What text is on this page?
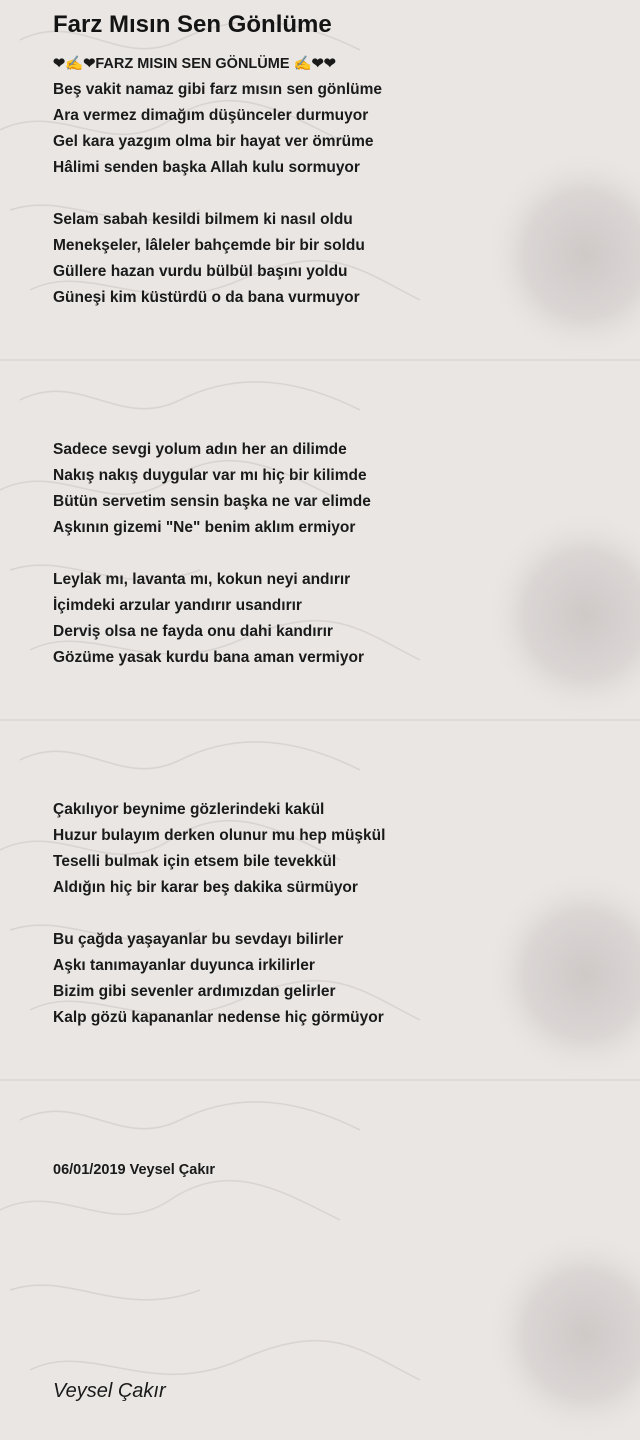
Farz Mısın Sen Gönlüme
❤✍️❤FARZ MISIN SEN GÖNLÜME ✍️❤❤
Beş vakit namaz gibi farz mısın sen gönlüme
Ara vermez dimağım düşünceler durmuyor
Gel kara yazgım olma bir hayat ver ömrüme
Hâlimi senden başka Allah kulu sormuyor
Selam sabah kesildi bilmem ki nasıl oldu
Menekşeler, lâleler bahçemde bir bir soldu
Güllere hazan vurdu bülbül başını yoldu
Güneşi kim küstürdü o da bana vurmuyor
Sadece sevgi yolum adın her an dilimde
Nakış nakış duygular var mı hiç bir kilimde
Bütün servetim sensin başka ne var elimde
Aşkının gizemi "Ne" benim aklım ermiyor
Leylak mı, lavanta mı, kokun neyi andırır
İçimdeki arzular yandırır usandırır
Derviş olsa ne fayda onu dahi kandırır
Gözüme yasak kurdu bana aman vermiyor
Çakılıyor beynime gözlerindeki kakül
Huzur bulayım derken olunur mu hep müşkül
Teselli bulmak için etsem bile tevekkül
Aldığın hiç bir karar beş dakika sürmüyor
Bu çağda yaşayanlar bu sevdayı bilirler
Aşkı tanımayanlar duyunca irkilirler
Bizim gibi sevenler ardımızdan gelirler
Kalp gözü kapananlar nedense hiç görmüyor
06/01/2019 Veysel Çakır
Veysel Çakır
